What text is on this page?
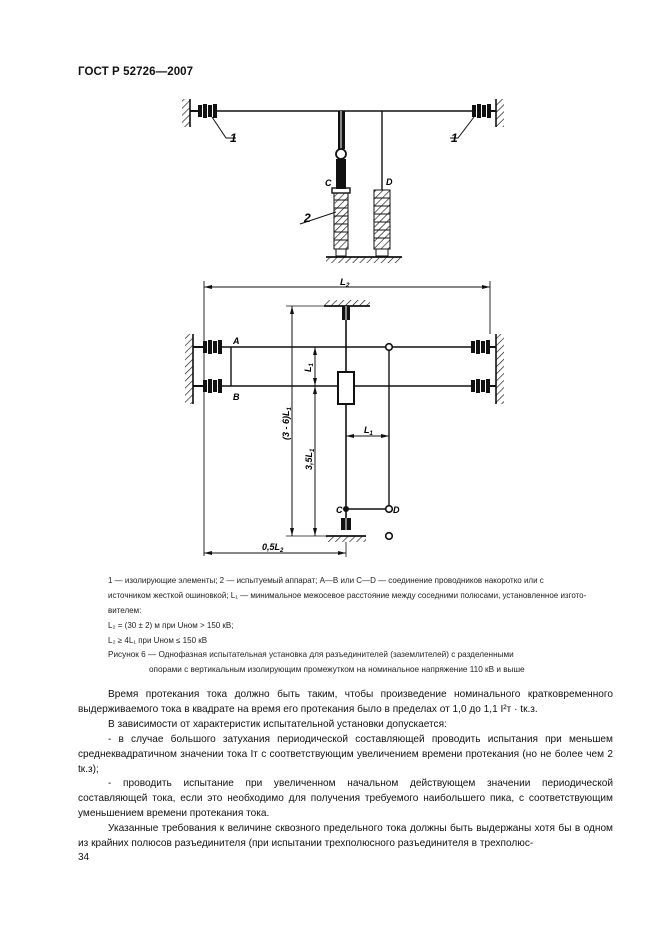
ГОСТ Р 52726—2007
1	1
2
C	D
$L_2$
A
B
C	D
$L_1$
$L_1$
$(3 - 6)L_1$
$3,5L_1$
$0,5L_2$
1 — изолирующие элементы; 2 — испытуемый аппарат; A—B или C—D — соединение проводников накоротко или с
источником жесткой ошиновкой; L₁ — минимальное межосевое расстояние между соседними полюсами, установленное изгото-
вителем:
L₂ = (30 ± 2) м при Uном > 150 кВ;
L₂ ≥ 4L₁ при Uном ≤ 150 кВ
Рисунок 6 — Однофазная испытательная установка для разъединителей (заземлителей) с разделенными
опорами с вертикальным изолирующим промежутком на номинальное напряжение 110 кВ и выше

Время протекания тока должно быть таким, чтобы произведение номинального кратковременного выдерживаемого тока в квадрате на время его протекания было в пределах от 1,0 до 1,1 I²т · tк.з.

В зависимости от характеристик испытательной установки допускается:

- в случае большого затухания периодической составляющей проводить испытания при меньшем среднеквадратичном значении тока Iт с соответствующим увеличением времени протекания (но не более чем 2 tк.з);

- проводить испытание при увеличенном начальном действующем значении периодической составляющей тока, если это необходимо для получения требуемого наибольшего пика, с соответствующим уменьшением времени протекания тока.

Указанные требования к величине сквозного предельного тока должны быть выдержаны хотя бы в одном из крайних полюсов разъединителя (при испытании трехполюсного разъединителя в трехполюс-

34
